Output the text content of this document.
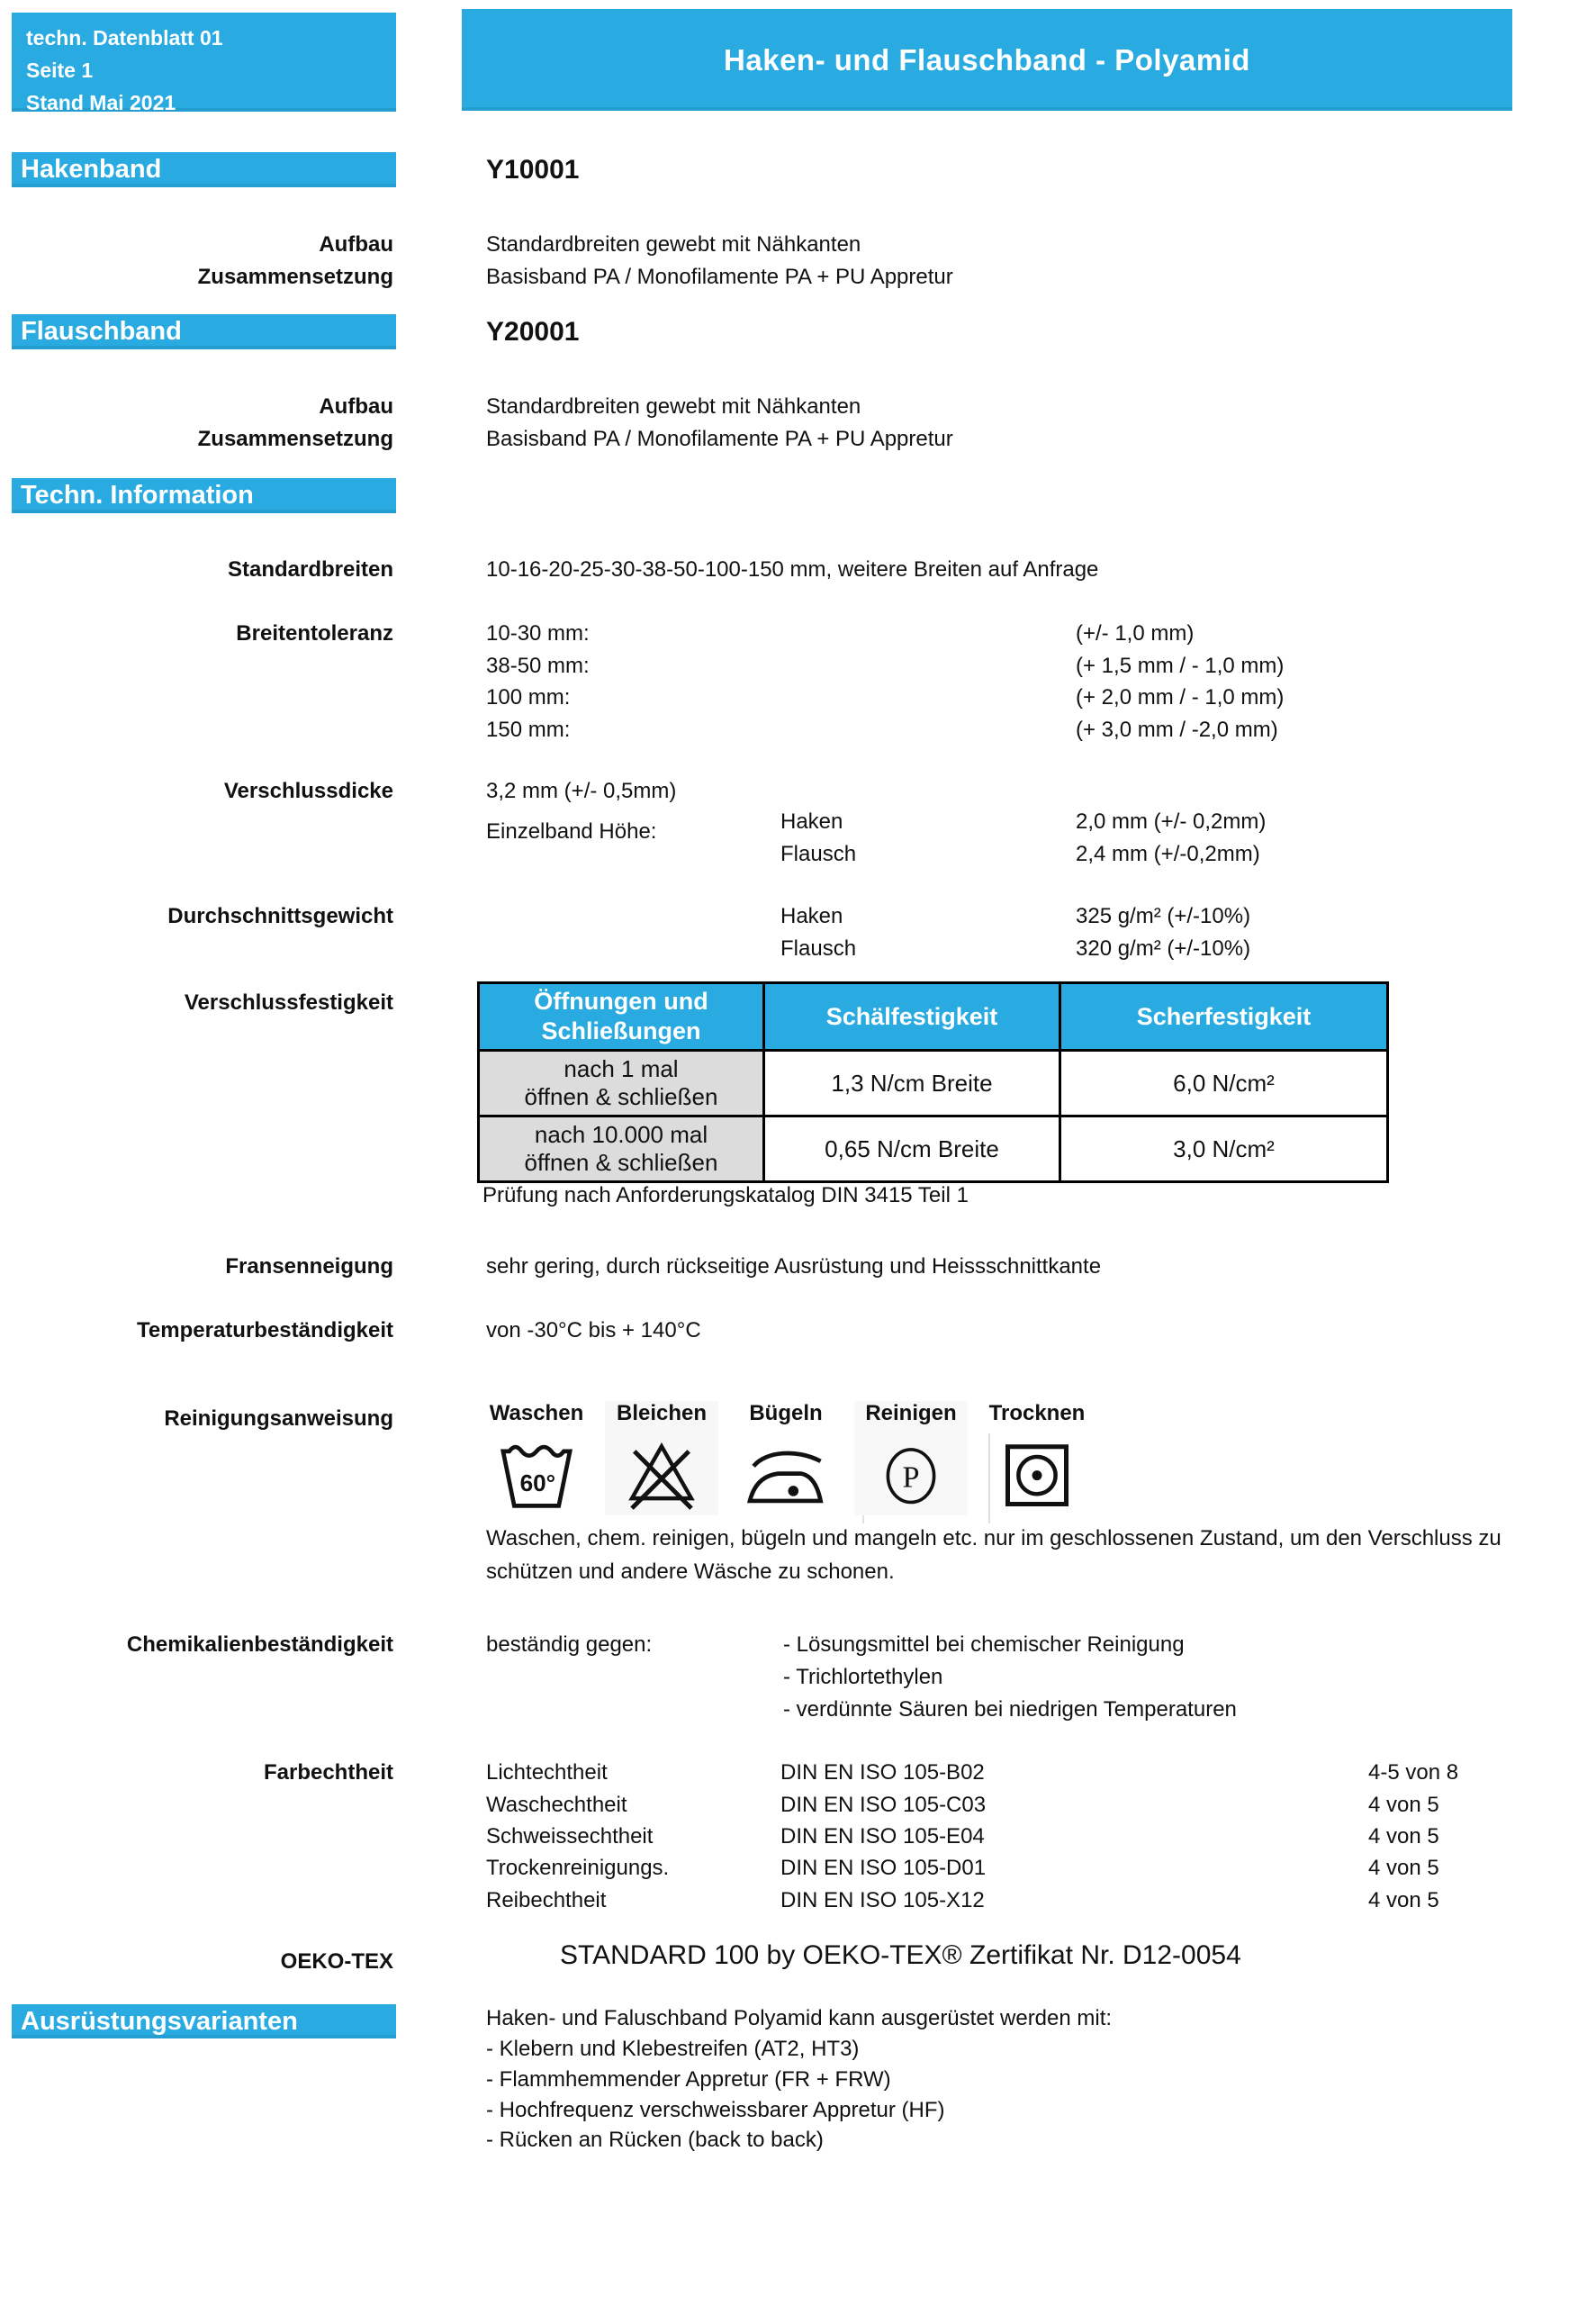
techn. Datenblatt 01
Seite 1
Stand Mai 2021
Haken- und Flauschband - Polyamid
Hakenband	Y10001
Aufbau	Standardbreiten gewebt mit Nähkanten
Zusammensetzung	Basisband PA / Monofilamente PA + PU Appretur
Flauschband	Y20001
Aufbau	Standardbreiten gewebt mit Nähkanten
Zusammensetzung	Basisband PA / Monofilamente PA + PU Appretur
Techn. Information
Standardbreiten	10-16-20-25-30-38-50-100-150 mm, weitere Breiten auf Anfrage
Breitentoleranz	10-30 mm:	(+/- 1,0 mm)
38-50 mm:	(+ 1,5 mm / - 1,0 mm)
100 mm:	(+ 2,0 mm / - 1,0 mm)
150 mm:	(+ 3,0 mm / -2,0 mm)
Verschlussdicke	3,2 mm (+/- 0,5mm)
Einzelband Höhe:	Haken	2,0 mm (+/- 0,2mm)
Flausch	2,4 mm (+/-0,2mm)
Durchschnittsgewicht	Haken	325 g/m² (+/-10%)
Flausch	320 g/m² (+/-10%)
Verschlussfestigkeit	Öffnungen und
Schließungen	Schälfestigkeit	Scherfestigkeit

nach 1 mal
öffnen & schließen	1,3 N/cm Breite	6,0 N/cm²

nach 10.000 mal
öffnen & schließen	0,65 N/cm Breite	3,0 N/cm²
Prüfung nach Anforderungskatalog DIN 3415 Teil 1
Fransenneigung	sehr gering, durch rückseitige Ausrüstung und Heissschnittkante
Temperaturbeständigkeit	von -30°C bis + 140°C
Reinigungsanweisung	Waschen
60°
Bleichen	Bügeln	Reinigen
P
Trocknen
Waschen, chem. reinigen, bügeln und mangeln etc. nur im geschlossenen Zustand, um den Verschluss zu
schützen und andere Wäsche zu schonen.
Chemikalienbeständigkeit	beständig gegen:	- Lösungsmittel bei chemischer Reinigung
- Trichlortethylen
- verdünnte Säuren bei niedrigen Temperaturen
Farbechtheit	Lichtechtheit	DIN EN ISO 105-B02	4-5 von 8
Waschechtheit	DIN EN ISO 105-C03	4 von 5
Schweissechtheit	DIN EN ISO 105-E04	4 von 5
Trockenreinigungs.	DIN EN ISO 105-D01	4 von 5
Reibechtheit	DIN EN ISO 105-X12	4 von 5
OEKO-TEX	STANDARD 100 by OEKO-TEX® Zertifikat Nr. D12-0054
Ausrüstungsvarianten	Haken- und Faluschband Polyamid kann ausgerüstet werden mit:
- Klebern und Klebestreifen (AT2, HT3)
- Flammhemmender Appretur (FR + FRW)
- Hochfrequenz verschweissbarer Appretur (HF)
- Rücken an Rücken (back to back)
